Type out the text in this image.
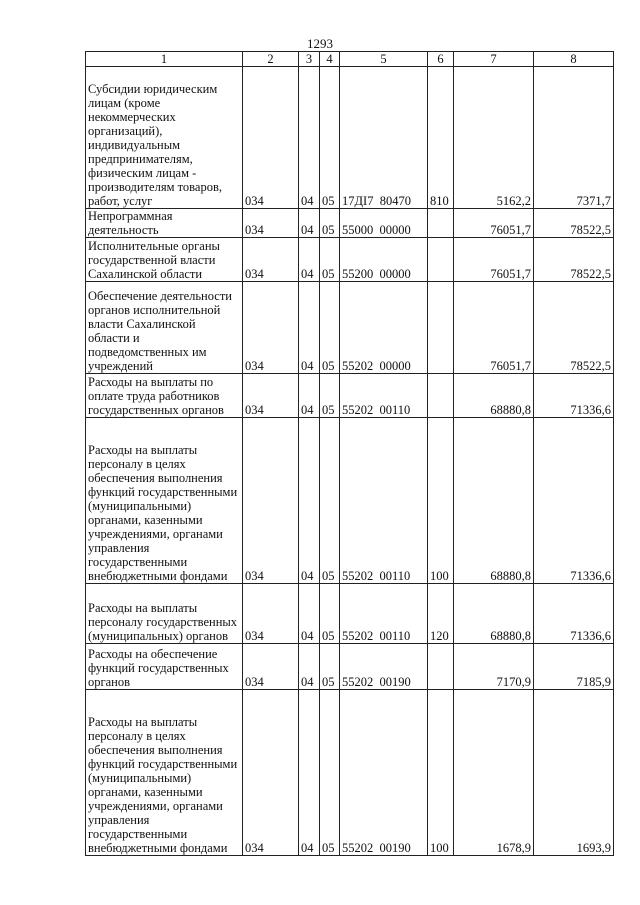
1293
1	2	3	4	5	6	7	8
Субсидии юридическим лицам (кроме некоммерческих организаций), индивидуальным предпринимателям, физическим лицам - производителям товаров, работ, услуг	034	04	05	17ДI7  80470	810	5162,2	7371,7
Непрограммная деятельность	034	04	05	55000  00000		76051,7	78522,5
Исполнительные органы государственной власти Сахалинской области	034	04	05	55200  00000		76051,7	78522,5
Обеспечение деятельности органов исполнительной власти Сахалинской области и подведомственных им учреждений	034	04	05	55202  00000		76051,7	78522,5
Расходы на выплаты по оплате труда работников государственных органов	034	04	05	55202  00110		68880,8	71336,6
Расходы на выплаты персоналу в целях обеспечения выполнения функций государственными (муниципальными) органами, казенными учреждениями, органами управления государственными внебюджетными фондами	034	04	05	55202  00110	100	68880,8	71336,6
Расходы на выплаты персоналу государственных (муниципальных) органов	034	04	05	55202  00110	120	68880,8	71336,6
Расходы на обеспечение функций государственных органов	034	04	05	55202  00190		7170,9	7185,9
Расходы на выплаты персоналу в целях обеспечения выполнения функций государственными (муниципальными) органами, казенными учреждениями, органами управления государственными внебюджетными фондами	034	04	05	55202  00190	100	1678,9	1693,9
